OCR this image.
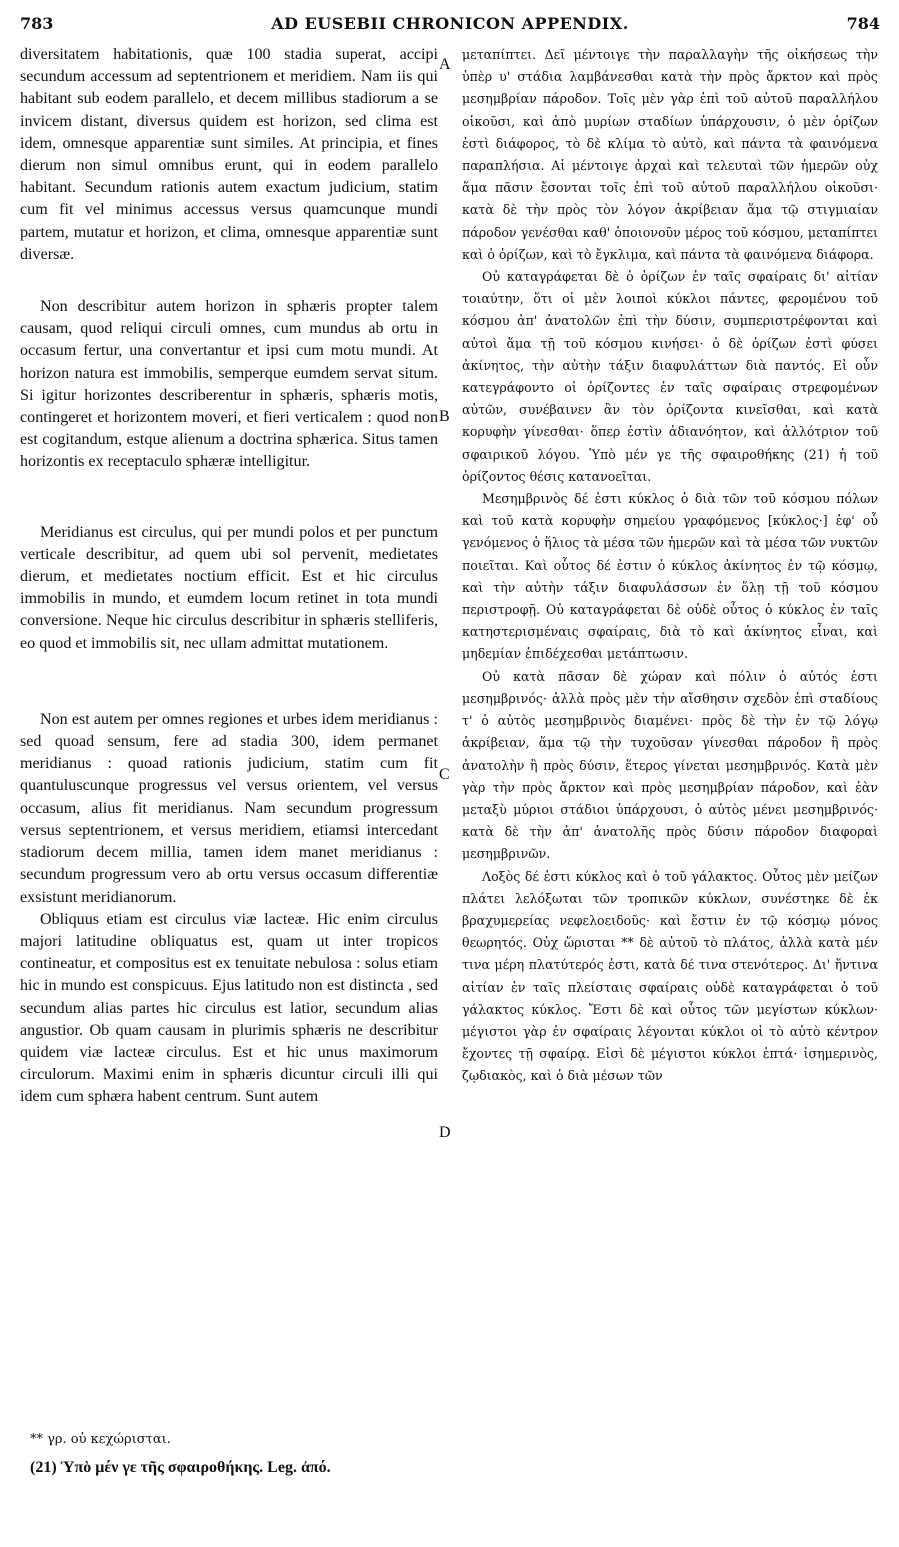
783	AD EUSEBII CHRONICON APPENDIX.	784

diversitatem habitationis, quæ 100 stadia superat, accipi secundum accessum ad septentrionem et meridiem. Nam iis qui habitant sub eodem parallelo, et decem millibus stadiorum a se invicem distant, diversus quidem est horizon, sed clima est idem, omnesque apparentiæ sunt similes. At principia, et fines dierum non simul omnibus erunt, qui in eodem parallelo habitant. Secundum rationis autem exactum judicium, statim cum fit vel minimus accessus versus quamcunque mundi partem, mutatur et horizon, et clima, omnesque apparentiæ sunt diversæ.

Non describitur autem horizon in sphæris propter talem causam, quod reliqui circuli omnes, cum mundus ab ortu in occasum fertur, una convertantur et ipsi cum motu mundi. At horizon natura est immobilis, semperque eumdem servat situm. Si igitur horizontes describerentur in sphæris, sphæris motis, contingeret et horizontem moveri, et fieri verticalem : quod non est cogitandum, estque alienum a doctrina sphærica. Situs tamen horizontis ex receptaculo sphæræ intelligitur.

Meridianus est circulus, qui per mundi polos et per punctum verticale describitur, ad quem ubi sol pervenit, medietates dierum, et medietates noctium efficit. Est et hic circulus immobilis in mundo, et eumdem locum retinet in tota mundi conversione. Neque hic circulus describitur in sphæris stelliferis, eo quod et immobilis sit, nec ullam admittat mutationem.

Non est autem per omnes regiones et urbes idem meridianus : sed quoad sensum, fere ad stadia 300, idem permanet meridianus : quoad rationis judicium, statim cum fit quantuluscunque progressus vel versus orientem, vel versus occasum, alius fit meridianus. Nam secundum progressum versus septentrionem, et versus meridiem, etiamsi intercedant stadiorum decem millia, tamen idem manet meridianus : secundum progressum vero ab ortu versus occasum differentiæ exsistunt meridianorum.

Obliquus etiam est circulus viæ lacteæ. Hic enim circulus majori latitudine obliquatus est, quam ut inter tropicos contineatur, et compositus est ex tenuitate nebulosa : solus etiam hic in mundo est conspicuus. Ejus latitudo non est distincta , sed secundum alias partes hic circulus est latior, secundum alias angustior. Ob quam causam in plurimis sphæris ne describitur quidem viæ lacteæ circulus. Est et hic unus maximorum circulorum. Maximi enim in sphæris dicuntur circuli illi qui idem cum sphæra habent centrum. Sunt autem

A
B
C
D

μεταπίπτει. Δεῖ μέντοιγε τὴν παραλλαγὴν τῆς οἰκήσεως τὴν ὑπὲρ υ' στάδια λαμβάνεσθαι κατὰ τὴν πρὸς ἄρκτον καὶ πρὸς μεσημβρίαν πάροδον. Τοῖς μὲν γὰρ ἐπὶ τοῦ αὐτοῦ παραλλήλου οἰκοῦσι, καὶ ἀπὸ μυρίων σταδίων ὑπάρχουσιν, ὁ μὲν ὁρίζων ἐστὶ διάφορος, τὸ δὲ κλίμα τὸ αὐτὸ, καὶ πάντα τὰ φαινόμενα παραπλήσια. Αἱ μέντοιγε ἀρχαὶ καὶ τελευταὶ τῶν ἡμερῶν οὐχ ἅμα πᾶσιν ἔσονται τοῖς ἐπὶ τοῦ αὐτοῦ παραλλήλου οἰκοῦσι· κατὰ δὲ τὴν πρὸς τὸν λόγον ἀκρίβειαν ἅμα τῷ στιγμιαίαν πάροδον γενέσθαι καθ' ὁποιονοῦν μέρος τοῦ κόσμου, μεταπίπτει καὶ ὁ ὁρίζων, καὶ τὸ ἔγκλιμα, καὶ πάντα τὰ φαινόμενα διάφορα.

Οὐ καταγράφεται δὲ ὁ ὁρίζων ἐν ταῖς σφαίραις δι' αἰτίαν τοιαύτην, ὅτι οἱ μὲν λοιποὶ κύκλοι πάντες, φερομένου τοῦ κόσμου ἀπ' ἀνατολῶν ἐπὶ τὴν δύσιν, συμπεριστρέφονται καὶ αὐτοὶ ἅμα τῇ τοῦ κόσμου κινήσει· ὁ δὲ ὁρίζων ἐστὶ φύσει ἀκίνητος, τὴν αὐτὴν τάξιν διαφυλάττων διὰ παντός. Εἰ οὖν κατεγράφοντο οἱ ὁρίζοντες ἐν ταῖς σφαίραις στρεφομένων αὐτῶν, συνέβαινεν ἂν τὸν ὁρίζοντα κινεῖσθαι, καὶ κατὰ κορυφὴν γίνεσθαι· ὅπερ ἐστὶν ἀδιανόητον, καὶ ἀλλότριον τοῦ σφαιρικοῦ λόγου. Ὑπὸ μέν γε τῆς σφαιροθήκης (21) ἡ τοῦ ὁρίζοντος θέσις κατανοεῖται.

Μεσημβρινὸς δέ ἐστι κύκλος ὁ διὰ τῶν τοῦ κόσμου πόλων καὶ τοῦ κατὰ κορυφὴν σημείου γραφόμενος [κύκλος·] ἐφ' οὗ γενόμενος ὁ ἥλιος τὰ μέσα τῶν ἡμερῶν καὶ τὰ μέσα τῶν νυκτῶν ποιεῖται. Καὶ οὗτος δέ ἐστιν ὁ κύκλος ἀκίνητος ἐν τῷ κόσμῳ, καὶ τὴν αὐτὴν τάξιν διαφυλάσσων ἐν ὅλῃ τῇ τοῦ κόσμου περιστροφῇ. Οὐ καταγράφεται δὲ οὐδὲ οὗτος ὁ κύκλος ἐν ταῖς κατηστερισμέναις σφαίραις, διὰ τὸ καὶ ἀκίνητος εἶναι, καὶ μηδεμίαν ἐπιδέχεσθαι μετάπτωσιν.

Οὐ κατὰ πᾶσαν δὲ χώραν καὶ πόλιν ὁ αὐτός ἐστι μεσημβρινός· ἀλλὰ πρὸς μὲν τὴν αἴσθησιν σχεδὸν ἐπὶ σταδίους τ' ὁ αὐτὸς μεσημβρινὸς διαμένει· πρὸς δὲ τὴν ἐν τῷ λόγῳ ἀκρίβειαν, ἅμα τῷ τὴν τυχοῦσαν γίνεσθαι πάροδον ἢ πρὸς ἀνατολὴν ἢ πρὸς δύσιν, ἕτερος γίνεται μεσημβρινός. Κατὰ μὲν γὰρ τὴν πρὸς ἄρκτον καὶ πρὸς μεσημβρίαν πάροδον, καὶ ἐὰν μεταξὺ μύριοι στάδιοι ὑπάρχουσι, ὁ αὐτὸς μένει μεσημβρινός· κατὰ δὲ τὴν ἀπ' ἀνατολῆς πρὸς δύσιν πάροδον διαφοραὶ μεσημβρινῶν.

Λοξὸς δέ ἐστι κύκλος καὶ ὁ τοῦ γάλακτος. Οὗτος μὲν μείζων πλάτει λελόξωται τῶν τροπικῶν κύκλων, συνέστηκε δὲ ἐκ βραχυμερείας νεφελοειδοῦς· καὶ ἔστιν ἐν τῷ κόσμῳ μόνος θεωρητός. Οὐχ ὥρισται ** δὲ αὐτοῦ τὸ πλάτος, ἀλλὰ κατὰ μέν τινα μέρη πλατύτερός ἐστι, κατὰ δέ τινα στενότερος. Δι' ἥντινα αἰτίαν ἐν ταῖς πλείσταις σφαίραις οὐδὲ καταγράφεται ὁ τοῦ γάλακτος κύκλος. Ἔστι δὲ καὶ οὗτος τῶν μεγίστων κύκλων· μέγιστοι γὰρ ἐν σφαίραις λέγονται κύκλοι οἱ τὸ αὐτὸ κέντρον ἔχοντες τῇ σφαίρᾳ. Εἰσὶ δὲ μέγιστοι κύκλοι ἑπτά· ἰσημερινὸς, ζῳδιακὸς, καὶ ὁ διὰ μέσων τῶν

** γρ. οὐ κεχώρισται.

(21) Ὑπὸ μέν γε τῆς σφαιροθήκης. Leg. ἀπό.
